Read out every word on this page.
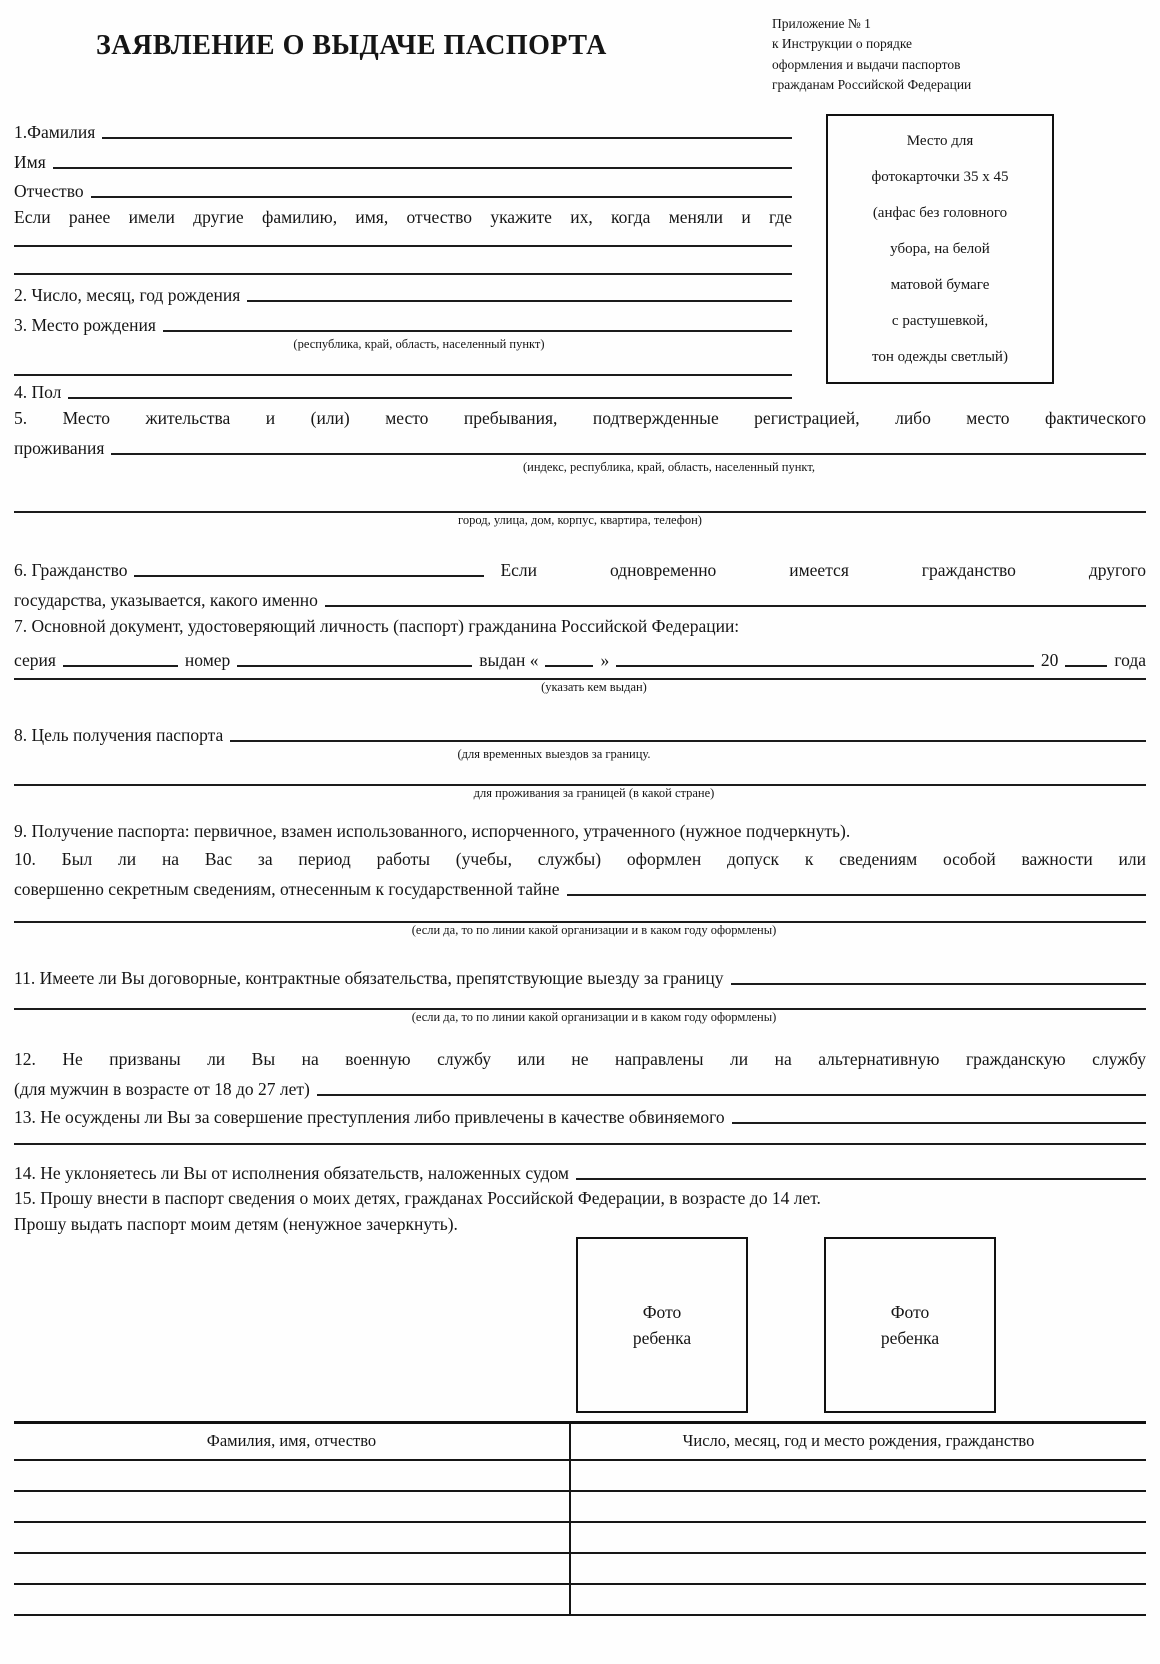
ЗАЯВЛЕНИЕ О ВЫДАЧЕ ПАСПОРТА
Приложение № 1
к Инструкции о порядке
оформления и выдачи паспортов
гражданам Российской Федерации
Место для
фотокарточки 35 х 45
(анфас без головного
убора, на белой
матовой бумаге
с растушевкой,
тон одежды светлый)
1.Фамилия
Имя
Отчество
Если ранее имели другие фамилию, имя, отчество укажите их, когда меняли и где
2. Число, месяц, год рождения
3. Место рождения
(республика, край, область, населенный пункт)
4. Пол
5. Место жительства и (или) место пребывания, подтвержденные регистрацией, либо место фактического
проживания
(индекс, республика, край, область, населенный пункт,
город, улица, дом, корпус, квартира, телефон)
6. Гражданство	Если одновременно имеется гражданство другого
государства, указывается, какого именно
7. Основной документ, удостоверяющий личность (паспорт) гражданина Российской Федерации:
серия	номер	выдан «	»	20	года
(указать кем выдан)
8. Цель получения паспорта
(для временных выездов за границу.
для проживания за границей (в какой стране)
9. Получение паспорта: первичное, взамен использованного, испорченного, утраченного (нужное подчеркнуть).
10. Был ли на Вас за период работы (учебы, службы) оформлен допуск к сведениям особой важности или
совершенно секретным сведениям, отнесенным к государственной тайне
(если да, то по линии какой организации и в каком году оформлены)
11. Имеете ли Вы договорные, контрактные обязательства, препятствующие выезду за границу
(если да, то по линии какой организации и в каком году оформлены)
12. Не призваны ли Вы на военную службу или не направлены ли на альтернативную гражданскую службу
(для мужчин в возрасте от 18 до 27 лет)
13. Не осуждены ли Вы за совершение преступления либо привлечены в качестве обвиняемого
14. Не уклоняетесь ли Вы от исполнения обязательств, наложенных судом
15. Прошу внести в паспорт сведения о моих детях, гражданах Российской Федерации, в возрасте до 14 лет.
Прошу выдать паспорт моим детям (ненужное зачеркнуть).
Фото
ребенка
Фото
ребенка
Фамилия, имя, отчество	Число, месяц, год и место рождения, гражданство
